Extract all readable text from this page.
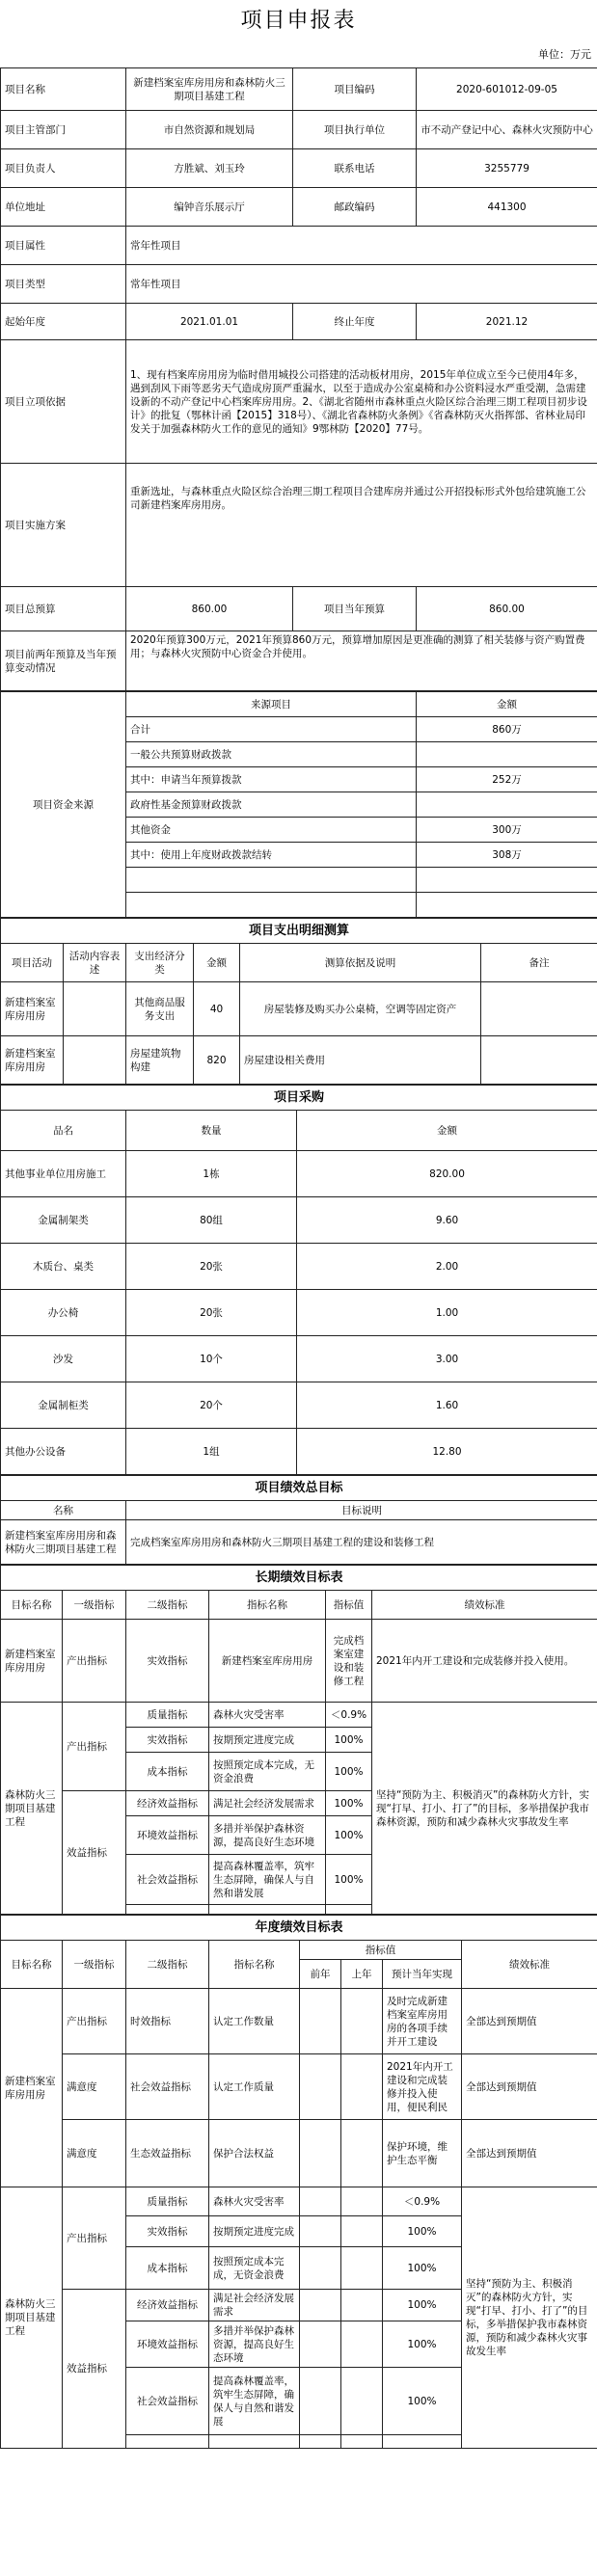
项目申报表
单位：万元
项目名称	新建档案室库房用房和森林防火三期项目基建工程	项目编码	2020-601012-09-05
项目主管部门	市自然资源和规划局	项目执行单位	市不动产登记中心、森林火灾预防中心
项目负责人	方胜斌、刘玉玲	联系电话	3255779
单位地址	编钟音乐展示厅	邮政编码	441300
项目属性	常年性项目		
项目类型	常年性项目		
起始年度	2021.01.01	终止年度	2021.12
项目立项依据	1、现有档案库房用房为临时借用城投公司搭建的活动板材用房，2015年单位成立至今已使用4年多，遇到刮风下雨等恶劣天气造成房顶严重漏水，以至于造成办公室桌椅和办公资料浸水严重受潮，急需建设新的不动产登记中心档案库房用房。2、《湖北省随州市森林重点火险区综合治理三期工程项目初步设计》的批复（鄂林计函【2015】318号）、《湖北省森林防火条例》《省森林防灭火指挥部、省林业局印发关于加强森林防火工作的意见的通知》9鄂林防【2020】77号。		
项目实施方案	重新选址，与森林重点火险区综合治理三期工程项目合建库房并通过公开招投标形式外包给建筑施工公司新建档案库房用房。		
项目总预算	860.00	项目当年预算	860.00
项目前两年预算及当年预算变动情况	2020年预算300万元，2021年预算860万元，预算增加原因是更准确的测算了相关装修与资产购置费用；与森林火灾预防中心资金合并使用。		
项目资金来源	来源项目	金额
	合计	860万
	一般公共预算财政拨款	
	其中：申请当年预算拨款	252万
	政府性基金预算财政拨款	
	其他资金	300万
	其中：使用上年度财政拨款结转	308万

项目支出明细测算					
项目活动	活动内容表述	支出经济分类	金额	测算依据及说明	备注
新建档案室库房用房		其他商品服务支出	40	房屋装修及购买办公桌椅，空调等固定资产	
新建档案室库房用房		房屋建筑物构建	820	房屋建设相关费用	
项目采购		
品名	数量	金额
其他事业单位用房施工	1栋	820.00
金属制架类	80组	9.60
木质台、桌类	20张	2.00
办公椅	20张	1.00
沙发	10个	3.00
金属制柜类	20个	1.60
其他办公设备	1组	12.80
项目绩效总目标	
名称	目标说明
新建档案室库房用房和森林防火三期项目基建工程	完成档案室库房用房和森林防火三期项目基建工程的建设和装修工程
长期绩效目标表					
目标名称	一级指标	二级指标	指标名称	指标值	绩效标准
新建档案室库房用房	产出指标	实效指标	新建档案室库房用房	完成档案室建设和装修工程	2021年内开工建设和完成装修并投入使用。
森林防火三期项目基建工程	产出指标	质量指标	森林火灾受害率	＜0.9%	坚持“预防为主、积极消灭”的森林防火方针，实现“打早、打小、打了”的目标，多举措保护我市森林资源，预防和减少森林火灾事故发生率
		实效指标	按期预定进度完成	100%	
		成本指标	按照预定成本完成，无资金浪费	100%	
	效益指标	经济效益指标	满足社会经济发展需求	100%	
		环境效益指标	多措并举保护森林资源，提高良好生态环境	100%	
		社会效益指标	提高森林覆盖率，筑牢生态屏障，确保人与自然和谐发展	100%	

年度绩效目标表							
目标名称	一级指标	二级指标	指标名称	指标值			绩效标准
				前年	上年	预计当年实现	
新建档案室库房用房	产出指标	时效指标	认定工作数量			及时完成新建档案室库房用房的各项手续并开工建设	全部达到预期值
	满意度	社会效益指标	认定工作质量			2021年内开工建设和完成装修并投入使用，便民利民	全部达到预期值
	满意度	生态效益指标	保护合法权益			保护环境，维护生态平衡	全部达到预期值
森林防火三期项目基建工程	产出指标	质量指标	森林火灾受害率			＜0.9%	坚持“预防为主、积极消灭”的森林防火方针，实现“打早、打小、打了”的目标，多举措保护我市森林资源，预防和减少森林火灾事故发生率
		实效指标	按期预定进度完成			100%	
		成本指标	按照预定成本完成，无资金浪费			100%	
	效益指标	经济效益指标	满足社会经济发展需求			100%	
		环境效益指标	多措并举保护森林资源，提高良好生态环境			100%	
		社会效益指标	提高森林覆盖率，筑牢生态屏障，确保人与自然和谐发展			100%	
